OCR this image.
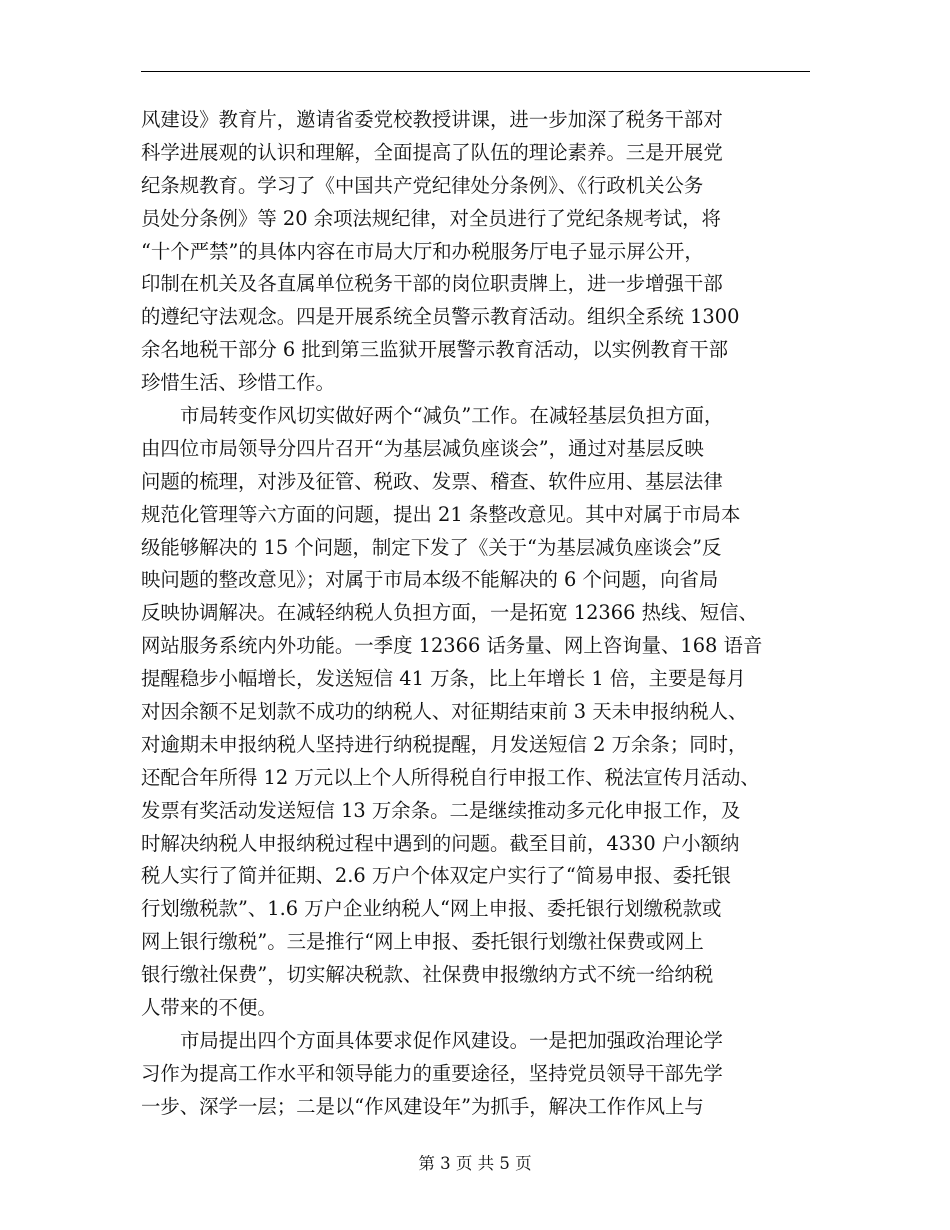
风建设》教育片，邀请省委党校教授讲课，进一步加深了税务干部对
科学进展观的认识和理解，全面提高了队伍的理论素养。三是开展党
纪条规教育。学习了《中国共产党纪律处分条例》、《行政机关公务
员处分条例》等 20 余项法规纪律，对全员进行了党纪条规考试，将
“十个严禁”的具体内容在市局大厅和办税服务厅电子显示屏公开，
印制在机关及各直属单位税务干部的岗位职责牌上，进一步增强干部
的遵纪守法观念。四是开展系统全员警示教育活动。组织全系统 1300
余名地税干部分 6 批到第三监狱开展警示教育活动，以实例教育干部
珍惜生活、珍惜工作。
市局转变作风切实做好两个“减负”工作。在减轻基层负担方面，
由四位市局领导分四片召开“为基层减负座谈会”，通过对基层反映
问题的梳理，对涉及征管、税政、发票、稽查、软件应用、基层法律
规范化管理等六方面的问题，提出 21 条整改意见。其中对属于市局本
级能够解决的 15 个问题，制定下发了《关于“为基层减负座谈会”反
映问题的整改意见》；对属于市局本级不能解决的 6 个问题，向省局
反映协调解决。在减轻纳税人负担方面，一是拓宽 12366 热线、短信、
网站服务系统内外功能。一季度 12366 话务量、网上咨询量、168 语音
提醒稳步小幅增长，发送短信 41 万条，比上年增长 1 倍，主要是每月
对因余额不足划款不成功的纳税人、对征期结束前 3 天未申报纳税人、
对逾期未申报纳税人坚持进行纳税提醒，月发送短信 2 万余条；同时，
还配合年所得 12 万元以上个人所得税自行申报工作、税法宣传月活动、
发票有奖活动发送短信 13 万余条。二是继续推动多元化申报工作，及
时解决纳税人申报纳税过程中遇到的问题。截至目前，4330 户小额纳
税人实行了简并征期、2.6 万户个体双定户实行了“简易申报、委托银
行划缴税款”、1.6 万户企业纳税人“网上申报、委托银行划缴税款或
网上银行缴税”。三是推行“网上申报、委托银行划缴社保费或网上
银行缴社保费”，切实解决税款、社保费申报缴纳方式不统一给纳税
人带来的不便。
市局提出四个方面具体要求促作风建设。一是把加强政治理论学
习作为提高工作水平和领导能力的重要途径，坚持党员领导干部先学
一步、深学一层；二是以“作风建设年”为抓手，解决工作作风上与
第 3 页 共 5 页
